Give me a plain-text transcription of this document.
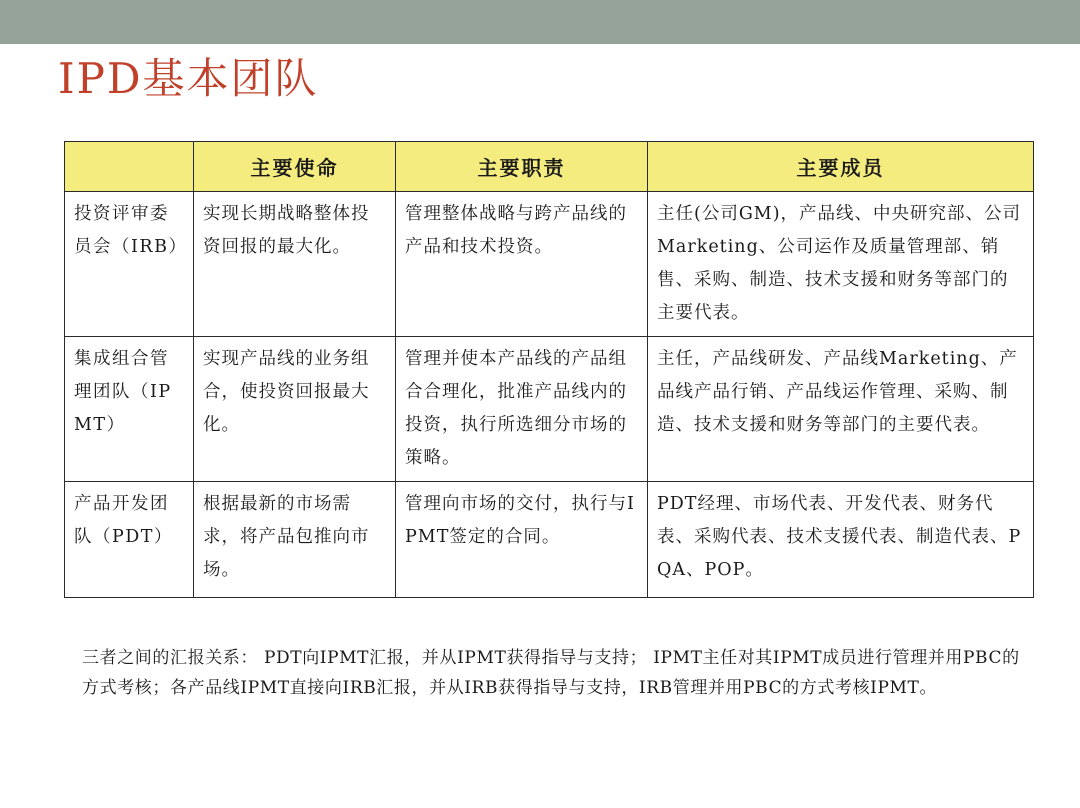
IPD基本团队
	主要使命	主要职责	主要成员
投资评审委员会（IRB）	实现长期战略整体投资回报的最大化。	管理整体战略与跨产品线的产品和技术投资。	主任(公司GM)，产品线、中央研究部、公司Marketing、公司运作及质量管理部、销售、采购、制造、技术支援和财务等部门的主要代表。
集成组合管理团队（IPMT）	实现产品线的业务组合，使投资回报最大化。	管理并使本产品线的产品组合合理化，批准产品线内的投资，执行所选细分市场的策略。	主任，产品线研发、产品线Marketing、产品线产品行销、产品线运作管理、采购、制造、技术支援和财务等部门的主要代表。
产品开发团队（PDT）	根据最新的市场需求，将产品包推向市场。	管理向市场的交付，执行与IPMT签定的合同。	PDT经理、市场代表、开发代表、财务代表、采购代表、技术支援代表、制造代表、PQA、POP。
三者之间的汇报关系： PDT向IPMT汇报，并从IPMT获得指导与支持； IPMT主任对其IPMT成员进行管理并用PBC的方式考核；各产品线IPMT直接向IRB汇报，并从IRB获得指导与支持，IRB管理并用PBC的方式考核IPMT。
